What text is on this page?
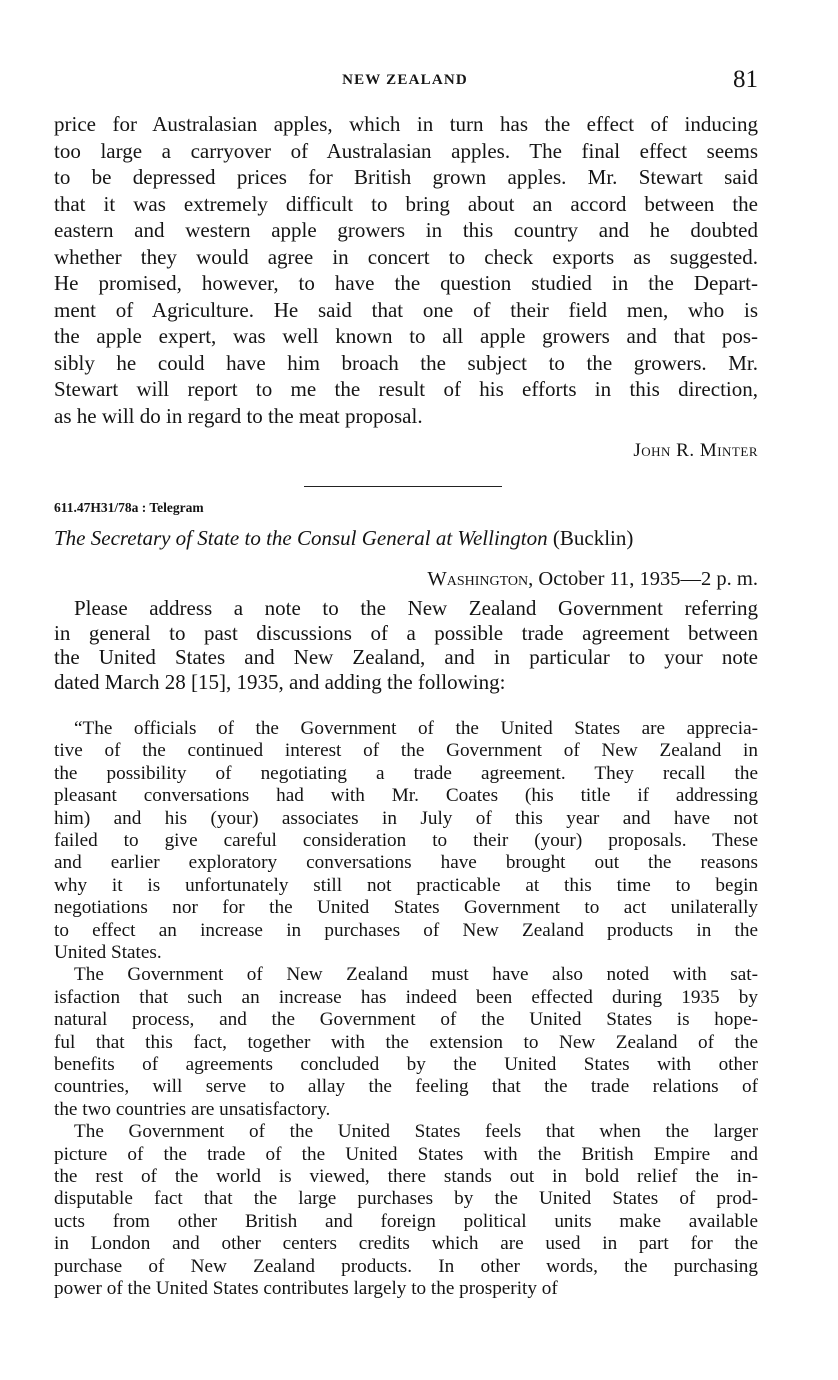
NEW ZEALAND	81
price for Australasian apples, which in turn has the effect of inducing
too large a carryover of Australasian apples. The final effect seems
to be depressed prices for British grown apples. Mr. Stewart said
that it was extremely difficult to bring about an accord between the
eastern and western apple growers in this country and he doubted
whether they would agree in concert to check exports as suggested.
He promised, however, to have the question studied in the Depart-
ment of Agriculture. He said that one of their field men, who is
the apple expert, was well known to all apple growers and that pos-
sibly he could have him broach the subject to the growers. Mr.
Stewart will report to me the result of his efforts in this direction,
as he will do in regard to the meat proposal.
John R. Minter
611.47H31/78a : Telegram
The Secretary of State to the Consul General at Wellington (Bucklin)
Washington, October 11, 1935—2 p. m.
Please address a note to the New Zealand Government referring
in general to past discussions of a possible trade agreement between
the United States and New Zealand, and in particular to your note
dated March 28 [15], 1935, and adding the following:
“The officials of the Government of the United States are apprecia-
tive of the continued interest of the Government of New Zealand in
the possibility of negotiating a trade agreement. They recall the
pleasant conversations had with Mr. Coates (his title if addressing
him) and his (your) associates in July of this year and have not
failed to give careful consideration to their (your) proposals. These
and earlier exploratory conversations have brought out the reasons
why it is unfortunately still not practicable at this time to begin
negotiations nor for the United States Government to act unilaterally
to effect an increase in purchases of New Zealand products in the
United States.
The Government of New Zealand must have also noted with sat-
isfaction that such an increase has indeed been effected during 1935 by
natural process, and the Government of the United States is hope-
ful that this fact, together with the extension to New Zealand of the
benefits of agreements concluded by the United States with other
countries, will serve to allay the feeling that the trade relations of
the two countries are unsatisfactory.
The Government of the United States feels that when the larger
picture of the trade of the United States with the British Empire and
the rest of the world is viewed, there stands out in bold relief the in-
disputable fact that the large purchases by the United States of prod-
ucts from other British and foreign political units make available
in London and other centers credits which are used in part for the
purchase of New Zealand products. In other words, the purchasing
power of the United States contributes largely to the prosperity of
